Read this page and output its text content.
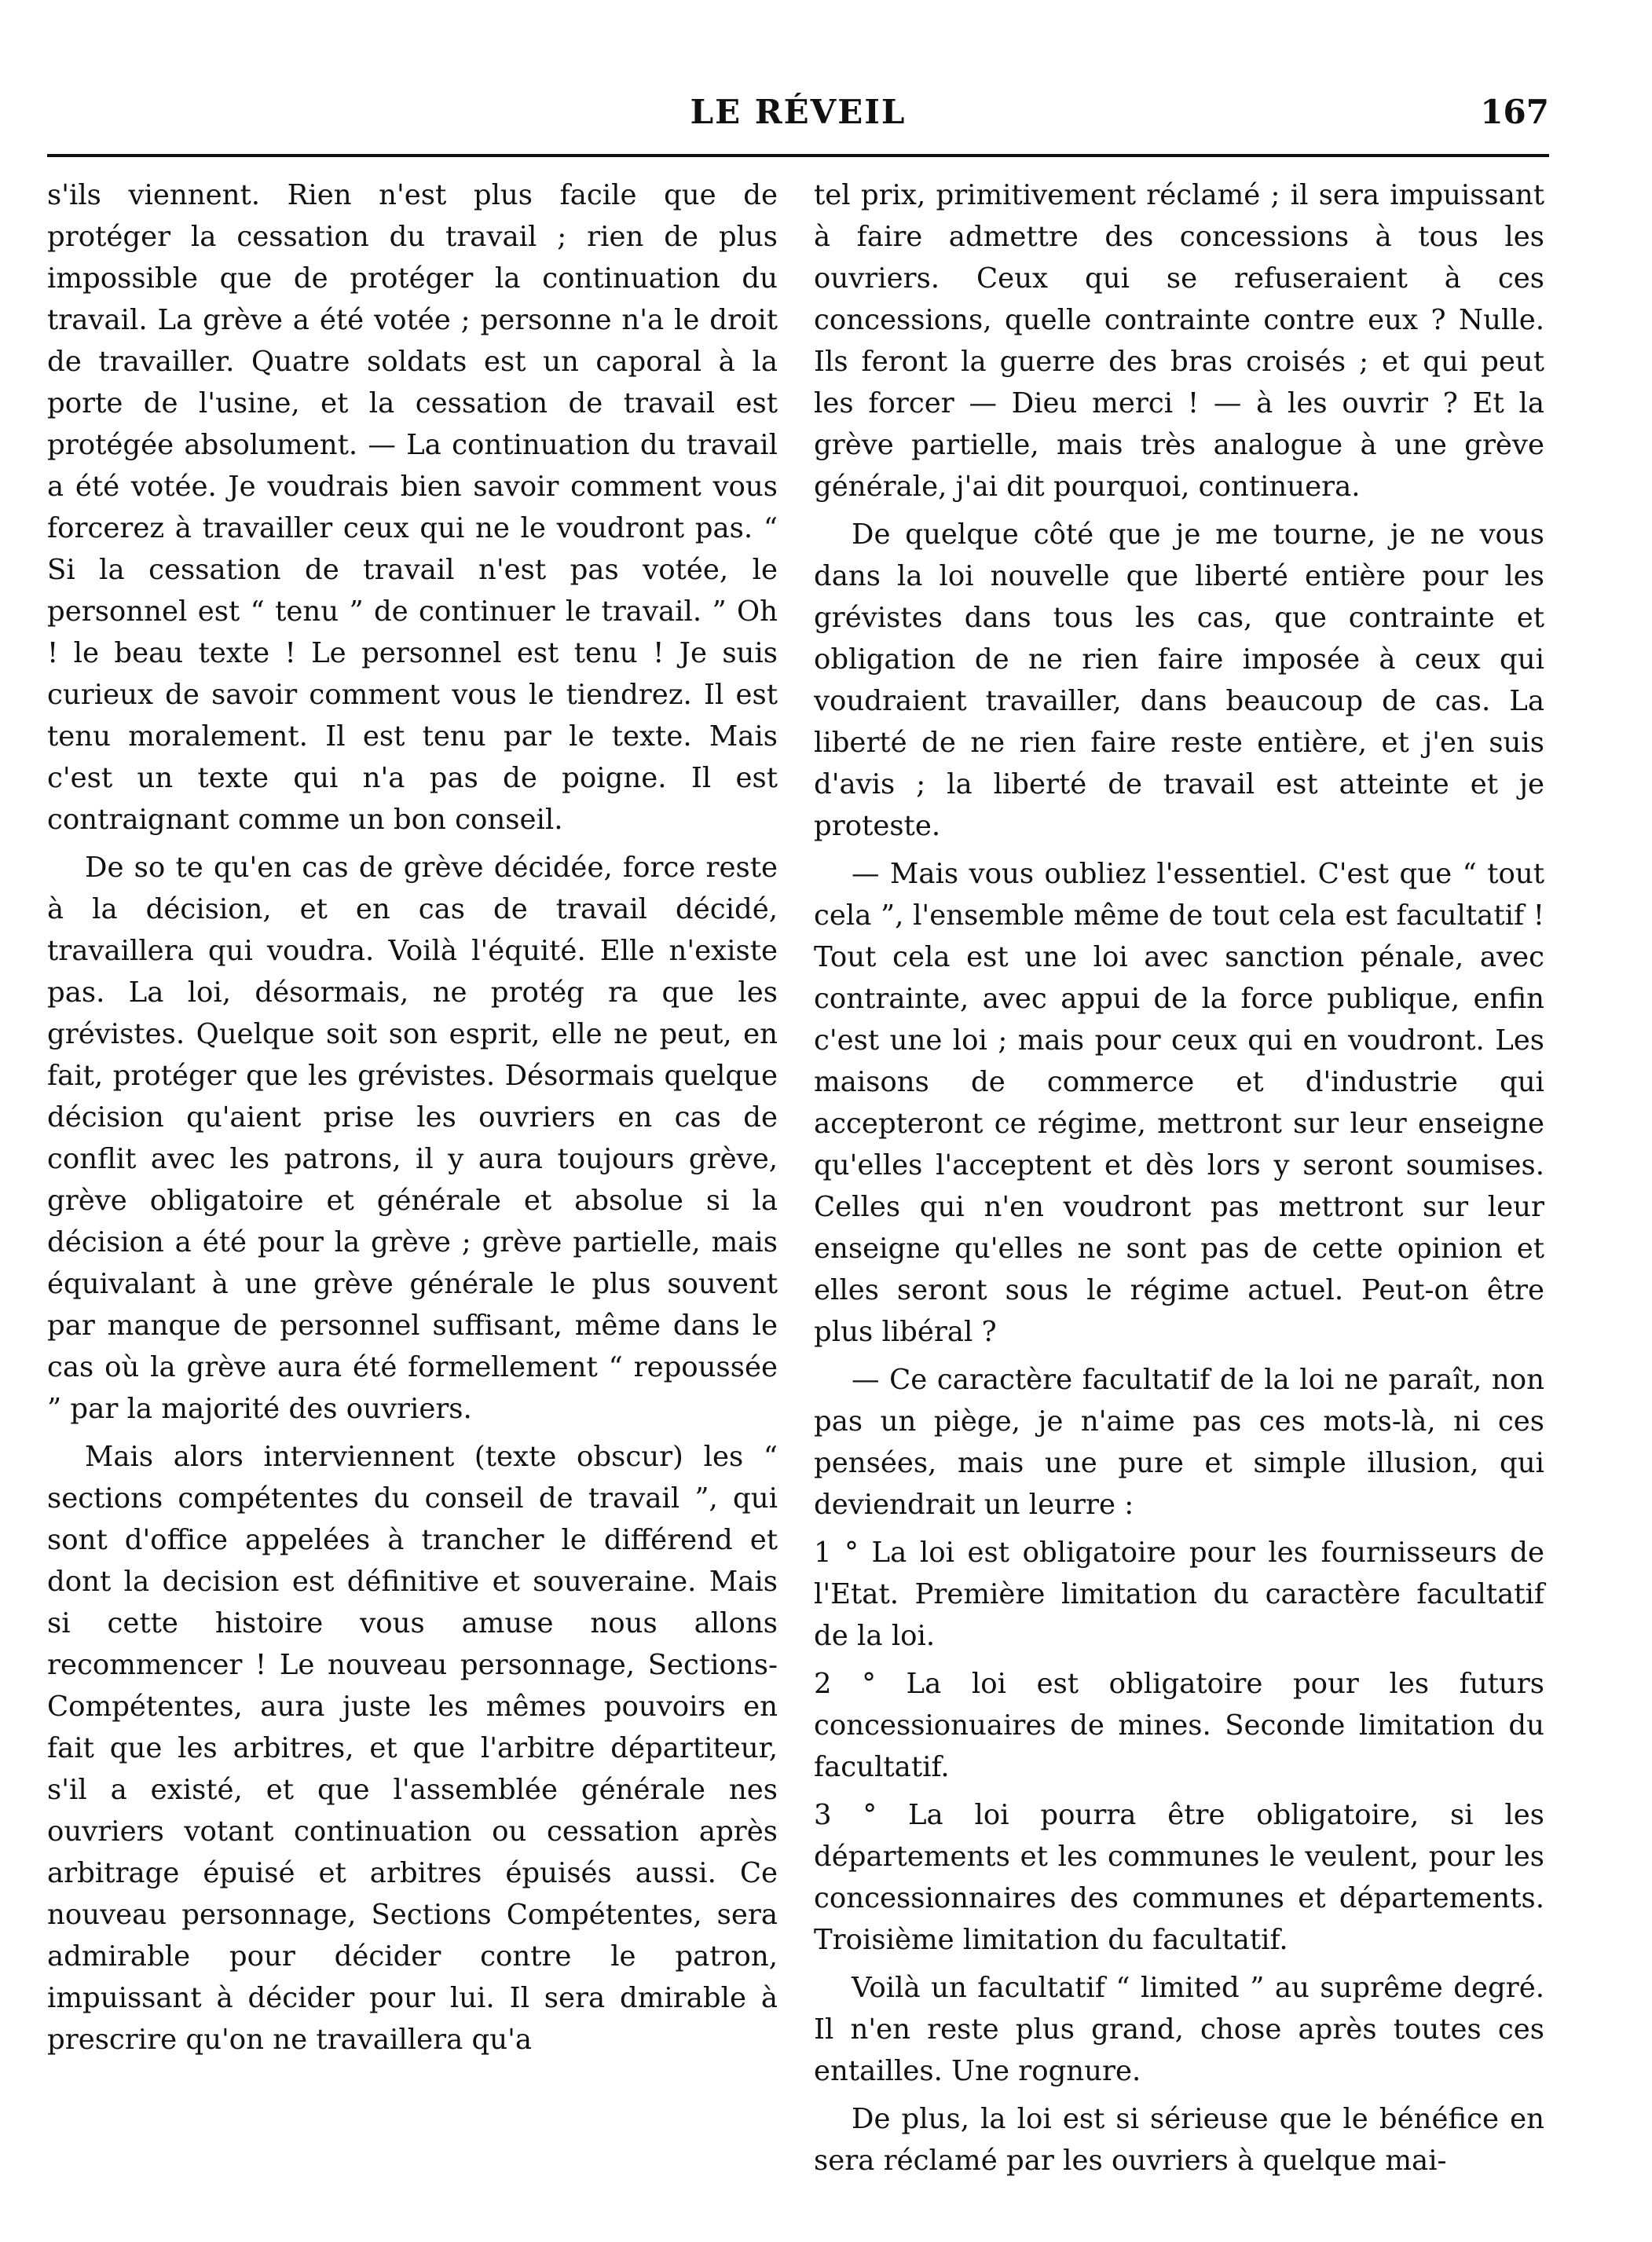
LE RÉVEIL	167

s'ils viennent. Rien n'est plus facile que de protéger la cessation du travail ; rien de plus impossible que de protéger la continuation du travail. La grève a été votée ; personne n'a le droit de travailler. Quatre soldats est un caporal à la porte de l'usine, et la cessation de travail est protégée absolument. — La continuation du travail a été votée. Je voudrais bien savoir comment vous forcerez à travailler ceux qui ne le voudront pas. “ Si la cessation de travail n'est pas votée, le personnel est “ tenu ” de continuer le travail. ” Oh ! le beau texte ! Le personnel est tenu ! Je suis curieux de savoir comment vous le tiendrez. Il est tenu moralement. Il est tenu par le texte. Mais c'est un texte qui n'a pas de poigne. Il est contraignant comme un bon conseil.

De so te qu'en cas de grève décidée, force reste à la décision, et en cas de travail décidé, travaillera qui voudra. Voilà l'équité. Elle n'existe pas. La loi, désormais, ne protég ra que les grévistes. Quelque soit son esprit, elle ne peut, en fait, protéger que les grévistes. Désormais quelque décision qu'aient prise les ouvriers en cas de conflit avec les patrons, il y aura toujours grève, grève obligatoire et générale et absolue si la décision a été pour la grève ; grève partielle, mais équivalant à une grève générale le plus souvent par manque de personnel suffisant, même dans le cas où la grève aura été formellement “ repoussée ” par la majorité des ouvriers.

Mais alors interviennent (texte obscur) les “ sections compétentes du conseil de travail ”, qui sont d'office appelées à trancher le différend et dont la decision est définitive et souveraine. Mais si cette histoire vous amuse nous allons recommencer ! Le nouveau personnage, Sections-Compétentes, aura juste les mêmes pouvoirs en fait que les arbitres, et que l'arbitre départiteur, s'il a existé, et que l'assemblée générale nes ouvriers votant continuation ou cessation après arbitrage épuisé et arbitres épuisés aussi. Ce nouveau personnage, Sections Compétentes, sera admirable pour décider contre le patron, impuissant à décider pour lui. Il sera dmirable à prescrire qu'on ne travaillera qu'a

tel prix, primitivement réclamé ; il sera impuissant à faire admettre des concessions à tous les ouvriers. Ceux qui se refuseraient à ces concessions, quelle contrainte contre eux ? Nulle. Ils feront la guerre des bras croisés ; et qui peut les forcer — Dieu merci ! — à les ouvrir ? Et la grève partielle, mais très analogue à une grève générale, j'ai dit pourquoi, continuera.

De quelque côté que je me tourne, je ne vous dans la loi nouvelle que liberté entière pour les grévistes dans tous les cas, que contrainte et obligation de ne rien faire imposée à ceux qui voudraient travailler, dans beaucoup de cas. La liberté de ne rien faire reste entière, et j'en suis d'avis ; la liberté de travail est atteinte et je proteste.

— Mais vous oubliez l'essentiel. C'est que “ tout cela ”, l'ensemble même de tout cela est facultatif ! Tout cela est une loi avec sanction pénale, avec contrainte, avec appui de la force publique, enfin c'est une loi ; mais pour ceux qui en voudront. Les maisons de commerce et d'industrie qui accepteront ce régime, mettront sur leur enseigne qu'elles l'acceptent et dès lors y seront soumises. Celles qui n'en voudront pas mettront sur leur enseigne qu'elles ne sont pas de cette opinion et elles seront sous le régime actuel. Peut-on être plus libéral ?

— Ce caractère facultatif de la loi ne paraît, non pas un piège, je n'aime pas ces mots-là, ni ces pensées, mais une pure et simple illusion, qui deviendrait un leurre :

1 ° La loi est obligatoire pour les fournisseurs de l'Etat. Première limitation du caractère facultatif de la loi.

2 ° La loi est obligatoire pour les futurs concessionuaires de mines. Seconde limitation du facultatif.

3 ° La loi pourra être obligatoire, si les départements et les communes le veulent, pour les concessionnaires des communes et départements. Troisième limitation du facultatif.

Voilà un facultatif “ limited ” au suprême degré. Il n'en reste plus grand, chose après toutes ces entailles. Une rognure.

De plus, la loi est si sérieuse que le bénéfice en sera réclamé par les ouvriers à quelque mai-
